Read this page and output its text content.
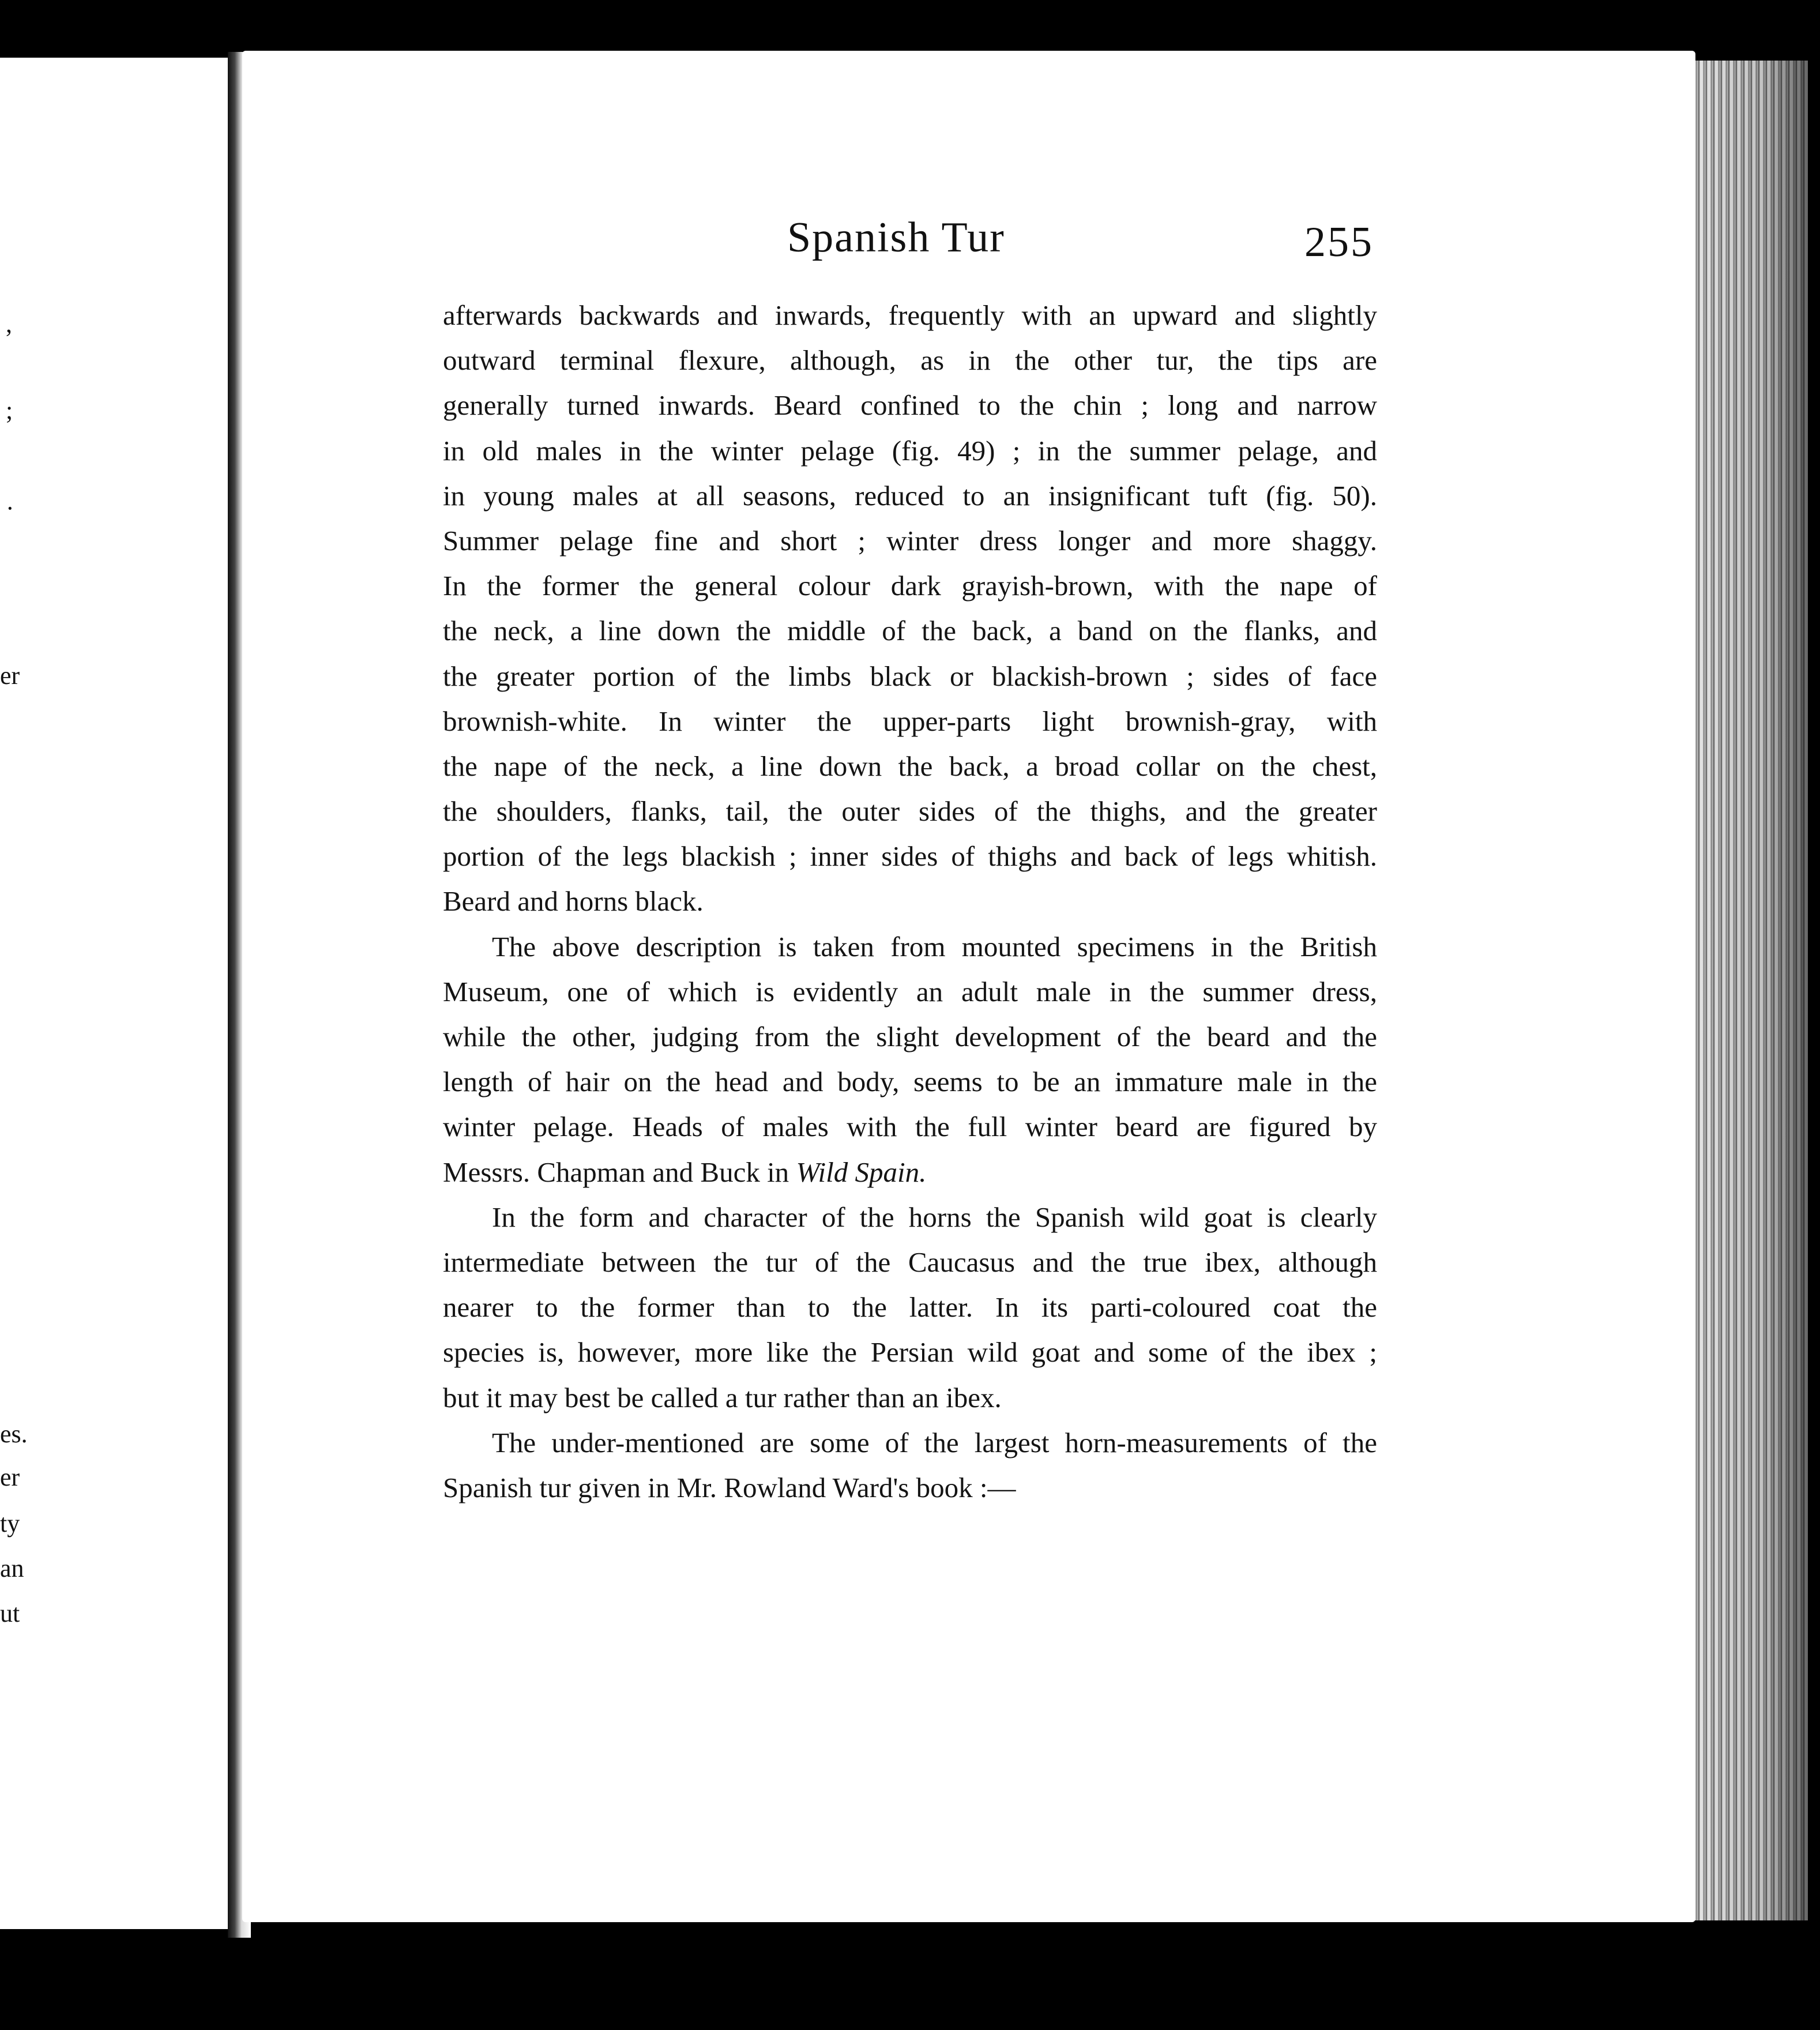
,
;
·
er
es.
er
ty
an
ut
Spanish Tur	255
afterwards backwards and inwards, frequently with an upward and slightly
outward terminal flexure, although, as in the other tur, the tips are
generally turned inwards. Beard confined to the chin ; long and narrow
in old males in the winter pelage (fig. 49) ; in the summer pelage, and
in young males at all seasons, reduced to an insignificant tuft (fig. 50).
Summer pelage fine and short ; winter dress longer and more shaggy.
In the former the general colour dark grayish-brown, with the nape of
the neck, a line down the middle of the back, a band on the flanks, and
the greater portion of the limbs black or blackish-brown ; sides of face
brownish-white. In winter the upper-parts light brownish-gray, with
the nape of the neck, a line down the back, a broad collar on the chest,
the shoulders, flanks, tail, the outer sides of the thighs, and the greater
portion of the legs blackish ; inner sides of thighs and back of legs whitish.
Beard and horns black.
The above description is taken from mounted specimens in the British
Museum, one of which is evidently an adult male in the summer dress,
while the other, judging from the slight development of the beard and the
length of hair on the head and body, seems to be an immature male in the
winter pelage. Heads of males with the full winter beard are figured by
Messrs. Chapman and Buck in Wild Spain.
In the form and character of the horns the Spanish wild goat is clearly
intermediate between the tur of the Caucasus and the true ibex, although
nearer to the former than to the latter. In its parti-coloured coat the
species is, however, more like the Persian wild goat and some of the ibex ;
but it may best be called a tur rather than an ibex.
The under-mentioned are some of the largest horn-measurements of the
Spanish tur given in Mr. Rowland Ward's book :—
